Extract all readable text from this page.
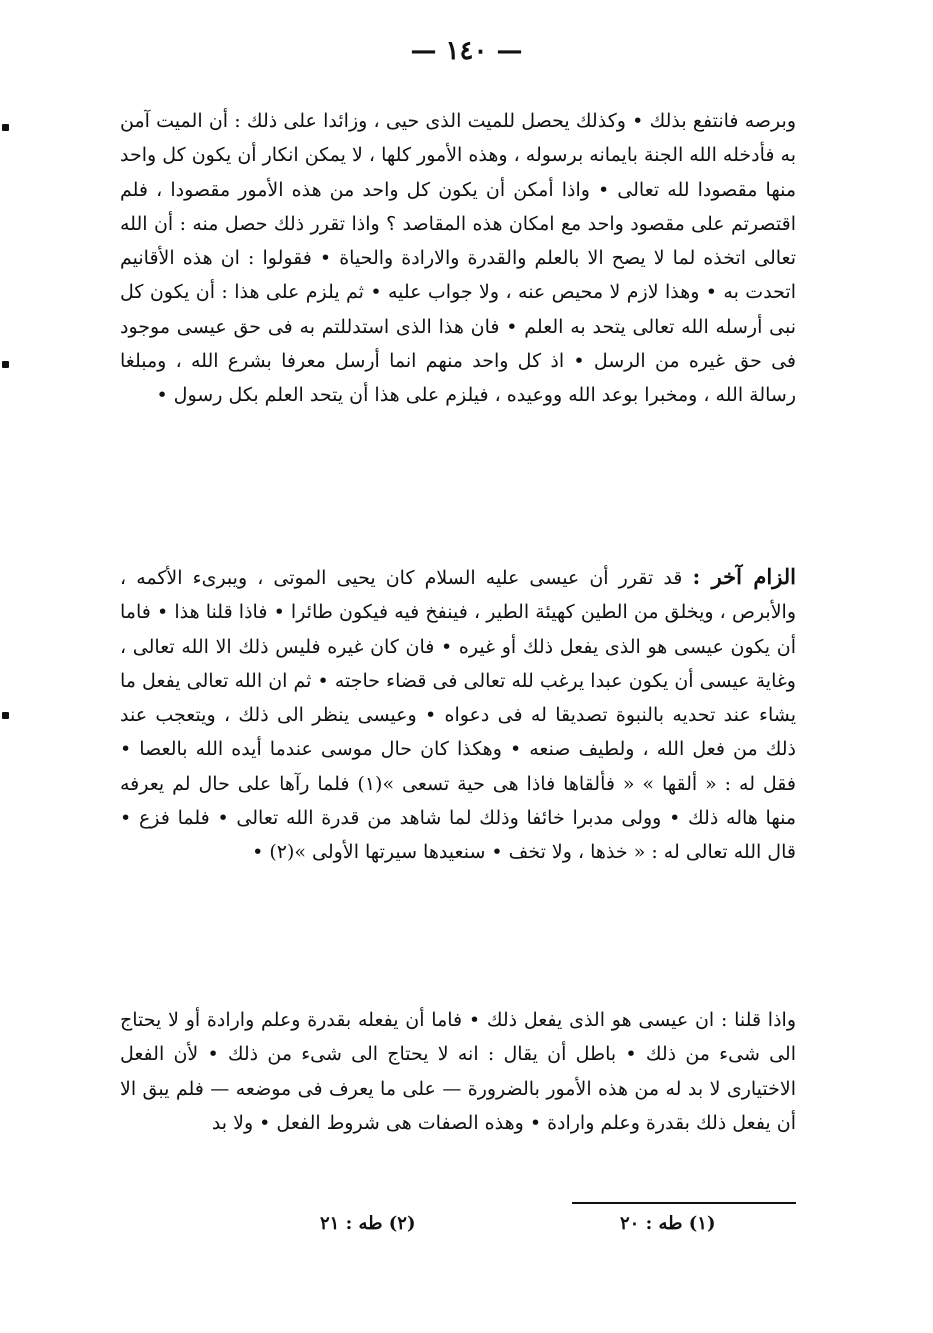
— ١٤٠ —

وبرصه فانتفع بذلك • وكذلك يحصل للميت الذى حيى ، وزائدا على ذلك : أن الميت آمن به فأدخله الله الجنة بايمانه برسوله ، وهذه الأمور كلها ، لا يمكن انكار أن يكون كل واحد منها مقصودا لله تعالى • واذا أمكن أن يكون كل واحد من هذه الأمور مقصودا ، فلم اقتصرتم على مقصود واحد مع امكان هذه المقاصد ؟ واذا تقرر ذلك حصل منه : أن الله تعالى اتخذه لما لا يصح الا بالعلم والقدرة والارادة والحياة • فقولوا : ان هذه الأقانيم اتحدت به • وهذا لازم لا محيص عنه ، ولا جواب عليه • ثم يلزم على هذا : أن يكون كل نبى أرسله الله تعالى يتحد به العلم • فان هذا الذى استدللتم به فى حق عيسى موجود فى حق غيره من الرسل • اذ كل واحد منهم انما أرسل معرفا بشرع الله ، ومبلغا رسالة الله ، ومخبرا بوعد الله ووعيده ، فيلزم على هذا أن يتحد العلم بكل رسول •

الزام آخر : قد تقرر أن عيسى عليه السلام كان يحيى الموتى ، ويبرىء الأكمه ، والأبرص ، ويخلق من الطين كهيئة الطير ، فينفخ فيه فيكون طائرا • فاذا قلنا هذا • فاما أن يكون عيسى هو الذى يفعل ذلك أو غيره • فان كان غيره فليس ذلك الا الله تعالى ، وغاية عيسى أن يكون عبدا يرغب لله تعالى فى قضاء حاجته • ثم ان الله تعالى يفعل ما يشاء عند تحديه بالنبوة تصديقا له فى دعواه • وعيسى ينظر الى ذلك ، ويتعجب عند ذلك من فعل الله ، ولطيف صنعه • وهكذا كان حال موسى عندما أيده الله بالعصا • فقل له : « ألقها » « فألقاها فاذا هى حية تسعى »(١) فلما رآها على حال لم يعرفه منها هاله ذلك • وولى مدبرا خائفا وذلك لما شاهد من قدرة الله تعالى • فلما فزع • قال الله تعالى له : « خذها ، ولا تخف • سنعيدها سيرتها الأولى »(٢) •

واذا قلنا : ان عيسى هو الذى يفعل ذلك • فاما أن يفعله بقدرة وعلم وارادة أو لا يحتاج الى شىء من ذلك • باطل أن يقال : انه لا يحتاج الى شىء من ذلك • لأن الفعل الاختيارى لا بد له من هذه الأمور بالضرورة — على ما يعرف فى موضعه — فلم يبق الا أن يفعل ذلك بقدرة وعلم وارادة • وهذه الصفات هى شروط الفعل • ولا بد

(١) طه : ٢٠
(٢) طه : ٢١
